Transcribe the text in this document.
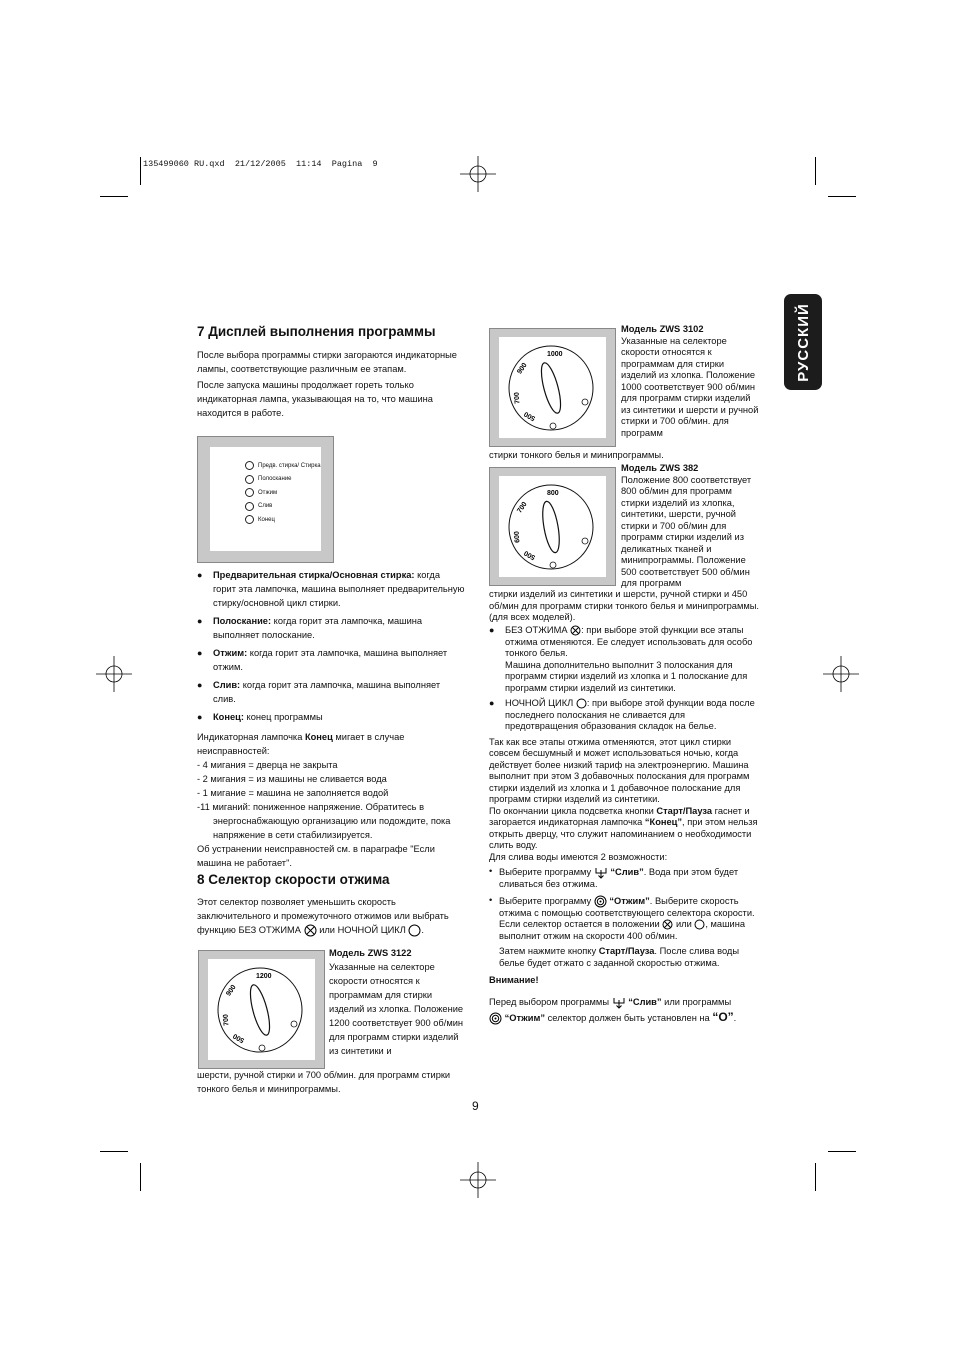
135499060 RU.qxd  21/12/2005  11:14  Pagina  9
РУССКИЙ
7 Дисплей выполнения программы
После выбора программы стирки загораются индикаторные лампы, соответствующие различным ее этапам.
После запуска машины продолжает гореть только индикаторная лампа, указывающая на то, что машина находится в работе.
Предв. стирка/ Стирка
Полоскание
Отжим
Слив
Конец
● Предварительная стирка/Основная стирка: когда горит эта лампочка, машина выполняет предварительную стирку/основной цикл стирки.
● Полоскание: когда горит эта лампочка, машина выполняет полоскание.
● Отжим: когда горит эта лампочка, машина выполняет отжим.
● Слив: когда горит эта лампочка, машина выполняет слив.
● Конец: конец программы
Индикаторная лампочка Конец мигает в случае неисправностей:
- 4 мигания = дверца не закрыта
- 2 мигания = из машины не сливается вода
- 1 мигание = машина не заполняется водой
-11 миганий: пониженное напряжение. Обратитесь в энергоснабжающую организацию или подождите, пока напряжение в сети стабилизируется.
Об устранении неисправностей см. в параграфе "Если машина не работает".
8 Селектор скорости отжима
Этот селектор позволяет уменьшить скорость заключительного и промежуточного отжимов или выбрать функцию БЕЗ ОТЖИМА или НОЧНОЙ ЦИКЛ .
1200
900
700
500
Модель ZWS 3122
Указанные на селекторе скорости относятся к программам для стирки изделий из хлопка. Положение 1200 соответствует 900 об/мин для программ стирки изделий из синтетики и
шерсти, ручной стирки и 700 об/мин. для программ стирки тонкого белья и минипрограммы.
1000
900
700
500
Модель ZWS 3102
Указанные на селекторе скорости относятся к программам для стирки изделий из хлопка. Положение 1000 соответствует 900 об/мин для программ стирки изделий из синтетики и шерсти и ручной стирки и 700 об/мин. для программ
стирки тонкого белья и минипрограммы.
800
700
600
500
Модель ZWS 382
Положение 800 соответствует 800 об/мин для программ стирки изделий из хлопка, синтетики, шерсти, ручной стирки и 700 об/мин для программ стирки изделий из деликатных тканей и минипрограммы. Положение 500 соответствует 500 об/мин для программ
стирки изделий из синтетики и шерсти, ручной стирки и 450 об/мин для программ стирки тонкого белья и минипрограммы. (для всех моделей).
● БЕЗ ОТЖИМА : при выборе этой функции все этапы отжима отменяются. Ее следует использовать для особо тонкого белья.
Машина дополнительно выполнит 3 полоскания для программ стирки изделий из хлопка и 1 полоскание для программ стирки изделий из синтетики.
● НОЧНОЙ ЦИКЛ : при выборе этой функции вода после последнего полоскания не сливается для предотвращения образования складок на белье.
Так как все этапы отжима отменяются, этот цикл стирки совсем бесшумный и может использоваться ночью, когда действует более низкий тариф на электроэнергию. Машина выполнит при этом 3 добавочных полоскания для программ стирки изделий из хлопка и 1 добавочное полоскание для программ стирки изделий из синтетики.
По окончании цикла подсветка кнопки Старт/Пауза гаснет и загорается индикаторная лампочка “Конец”, при этом нельзя открыть дверцу, что служит напоминанием о необходимости слить воду.
Для слива воды имеются 2 возможности:
• Выберите программу “Слив”. Вода при этом будет сливаться без отжима.
• Выберите программу “Отжим”. Выберите скорость отжима с помощью соответствующего селектора скорости.
Если селектор остается в положении или , машина выполнит отжим на скорости 400 об/мин.
Затем нажмите кнопку Старт/Пауза. После слива воды белье будет отжато с заданной скоростью отжима.
Внимание!
Перед выбором программы “Слив” или программы
“Отжим” селектор должен быть установлен на “O”.
9
